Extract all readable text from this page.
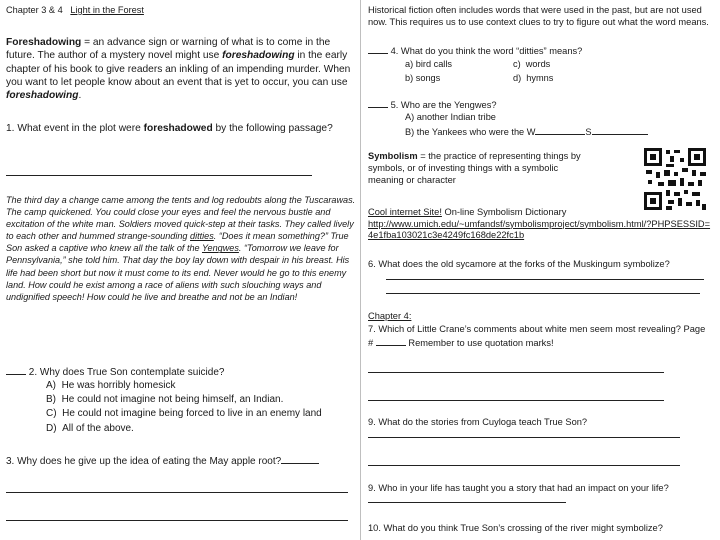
Chapter 3 & 4 Light in the Forest

Foreshadowing = an advance sign or warning of what is to come in the future. The author of a mystery novel might use foreshadowing in the early chapter of his book to give readers an inkling of an impending murder. When you want to let people know about an event that is yet to occur, you can use foreshadowing.

1. What event in the plot were foreshadowed by the following passage?

The third day a change came among the tents and log redoubts along the Tuscarawas. The camp quickened. You could close your eyes and feel the nervous bustle and excitation of the white man. Soldiers moved quick-step at their tasks. They called lively to each other and hummed strange-sounding ditties. “Does it mean something?” True Son asked a captive who knew all the talk of the Yengwes. “Tomorrow we leave for Pennsylvania,” she told him. That day the boy lay down with despair in his breast. His life had been short but now it must come to its end. Never would he go to this enemy land. How could he exist among a race of aliens with such slouching ways and undignified speech! How could he live and breathe and not be an Indian!

2. Why does True Son contemplate suicide?
A) He was horribly homesick
B) He could not imagine not being himself, an Indian.
C) He could not imagine being forced to live in an enemy land
D) All of the above.
3. Why does he give up the idea of eating the May apple root?

Historical fiction often includes words that were used in the past, but are not used now. This requires us to use context clues to try to figure out what the word means.

4. What do you think the word “ditties” means?
a) bird calls	c) words
b) songs	d) hymns
5. Who are the Yengwes?
A) another Indian tribe
B) the Yankees who were the W	S

Symbolism = the practice of representing things by symbols, or of investing things with a symbolic meaning or character

Cool internet Site! On-line Symbolism Dictionary
http://www.umich.edu/~umfandsf/symbolismproject/symbolism.html/?PHPSESSID=4e1fba103021c3e4249fc168de22fc1b

6. What does the old sycamore at the forks of the Muskingum symbolize?

Chapter 4:

7. Which of Little Crane’s comments about white men seem most revealing? Page #	Remember to use quotation marks!

9. What do the stories from Cuyloga teach True Son?

9. Who in your life has taught you a story that had an impact on your life?

10. What do you think True Son’s crossing of the river might symbolize?
